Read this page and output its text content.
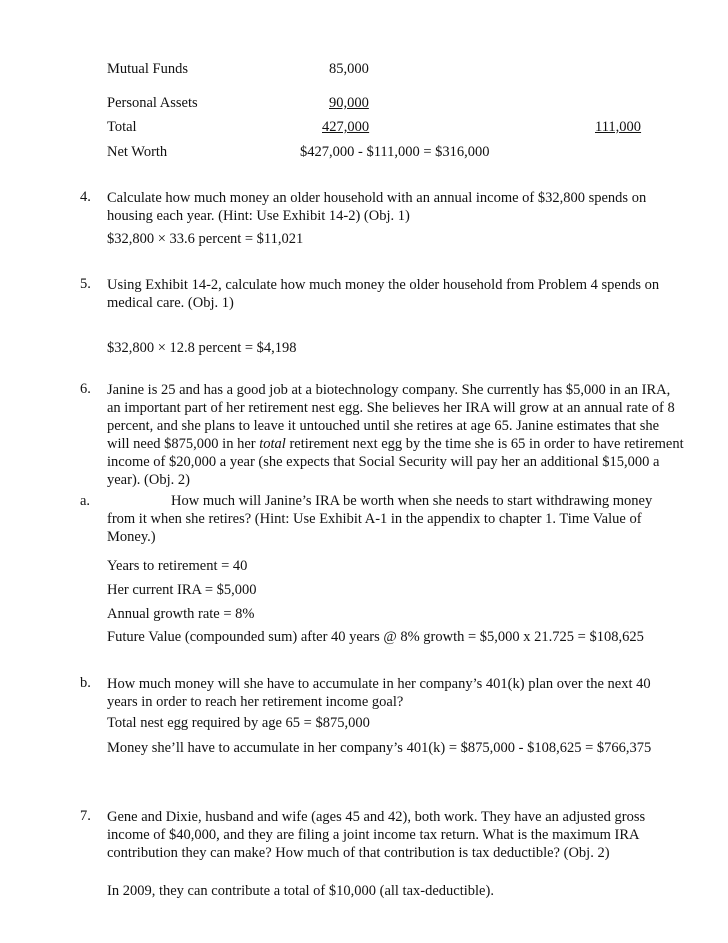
Mutual Funds	85,000
Personal Assets	90,000
Total	427,000	111,000
Net Worth	$427,000 - $111,000 = $316,000
4. Calculate how much money an older household with an annual income of $32,800 spends on
housing each year. (Hint: Use Exhibit 14-2) (Obj. 1)
$32,800 × 33.6 percent = $11,021
5. Using Exhibit 14-2, calculate how much money the older household from Problem 4 spends on
medical care. (Obj. 1)
$32,800 × 12.8 percent = $4,198
6. Janine is 25 and has a good job at a biotechnology company. She currently has $5,000 in an IRA,
an important part of her retirement nest egg. She believes her IRA will grow at an annual rate of 8
percent, and she plans to leave it untouched until she retires at age 65. Janine estimates that she
will need $875,000 in her total retirement next egg by the time she is 65 in order to have retirement
income of $20,000 a year (she expects that Social Security will pay her an additional $15,000 a
year). (Obj. 2)
a.	How much will Janine’s IRA be worth when she needs to start withdrawing money
from it when she retires? (Hint: Use Exhibit A-1 in the appendix to chapter 1. Time Value of
Money.)
Years to retirement = 40
Her current IRA = $5,000
Annual growth rate = 8%
Future Value (compounded sum) after 40 years @ 8% growth = $5,000 x 21.725 = $108,625
b. How much money will she have to accumulate in her company’s 401(k) plan over the next 40
years in order to reach her retirement income goal?
Total nest egg required by age 65 = $875,000
Money she’ll have to accumulate in her company’s 401(k) = $875,000 - $108,625 = $766,375
7. Gene and Dixie, husband and wife (ages 45 and 42), both work. They have an adjusted gross
income of $40,000, and they are filing a joint income tax return. What is the maximum IRA
contribution they can make? How much of that contribution is tax deductible? (Obj. 2)
In 2009, they can contribute a total of $10,000 (all tax-deductible).
